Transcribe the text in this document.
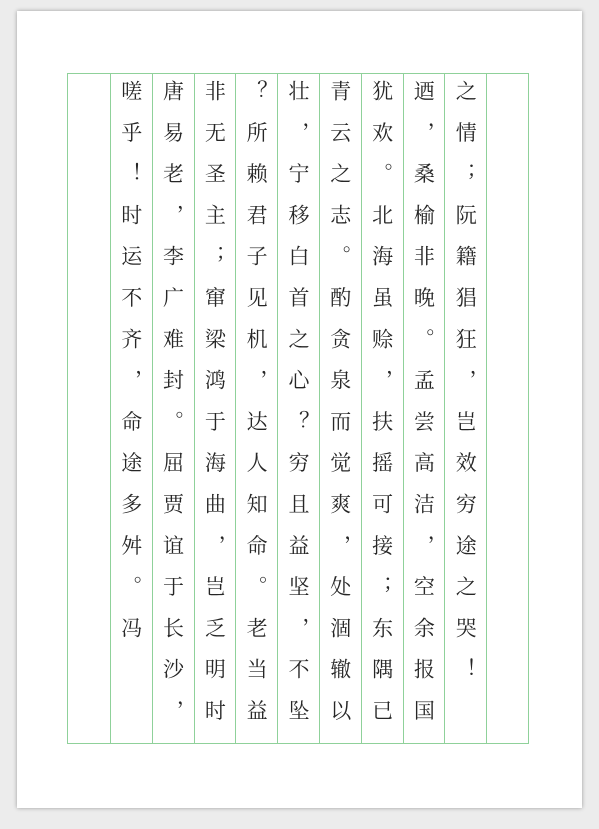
之情；阮籍猖狂，岂效穷途之哭！
迺，桑榆非晚。孟尝高洁，空余报国
犹欢。北海虽赊，扶摇可接；东隅已
青云之志。酌贪泉而觉爽，处涸辙以
壮，宁移白首之心？穷且益坚，不坠
？所赖君子见机，达人知命。老当益
非无圣主；窜梁鸿于海曲，岂乏明时
唐易老，李广难封。屈贾谊于长沙，
嗟乎！时运不齐，命途多舛。冯
